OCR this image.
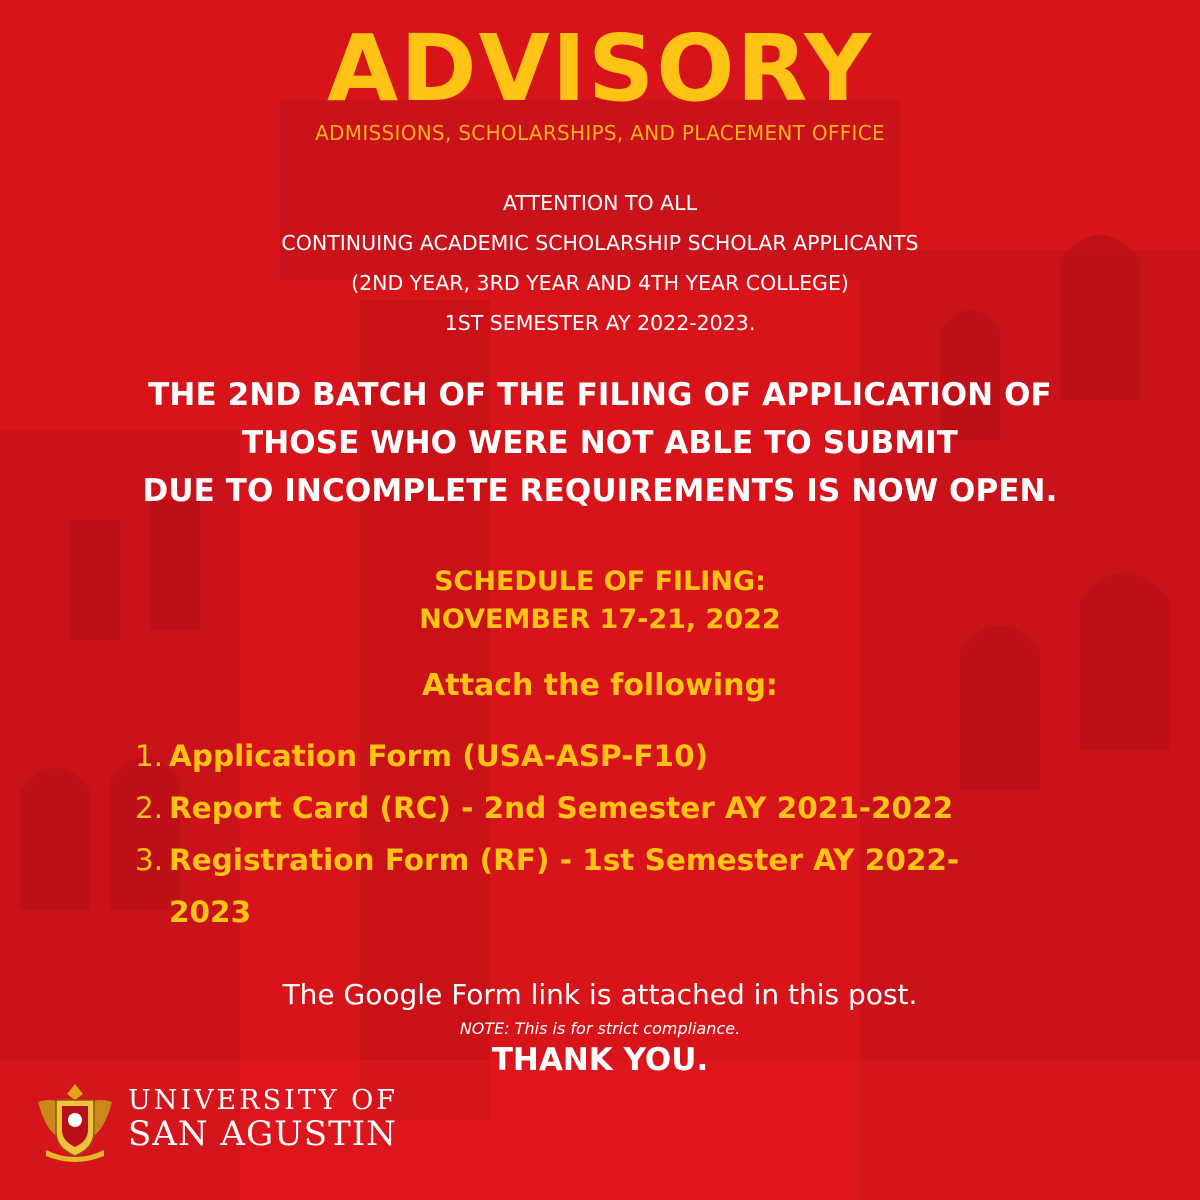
ADVISORY
ADMISSIONS, SCHOLARSHIPS, AND PLACEMENT OFFICE
ATTENTION TO ALL
CONTINUING ACADEMIC SCHOLARSHIP SCHOLAR APPLICANTS
(2ND YEAR, 3RD YEAR AND 4TH YEAR COLLEGE)
1ST SEMESTER AY 2022-2023.
THE 2ND BATCH OF THE FILING OF APPLICATION OF
THOSE WHO WERE NOT ABLE TO SUBMIT
DUE TO INCOMPLETE REQUIREMENTS IS NOW OPEN.
SCHEDULE OF FILING:
NOVEMBER 17-21, 2022
Attach the following:
1. Application Form (USA-ASP-F10)
2. Report Card (RC) - 2nd Semester AY 2021-2022
3. Registration Form (RF) - 1st Semester AY 2022-2023
The Google Form link is attached in this post.
NOTE: This is for strict compliance.
THANK YOU.
UNIVERSITY OF
SAN AGUSTIN
